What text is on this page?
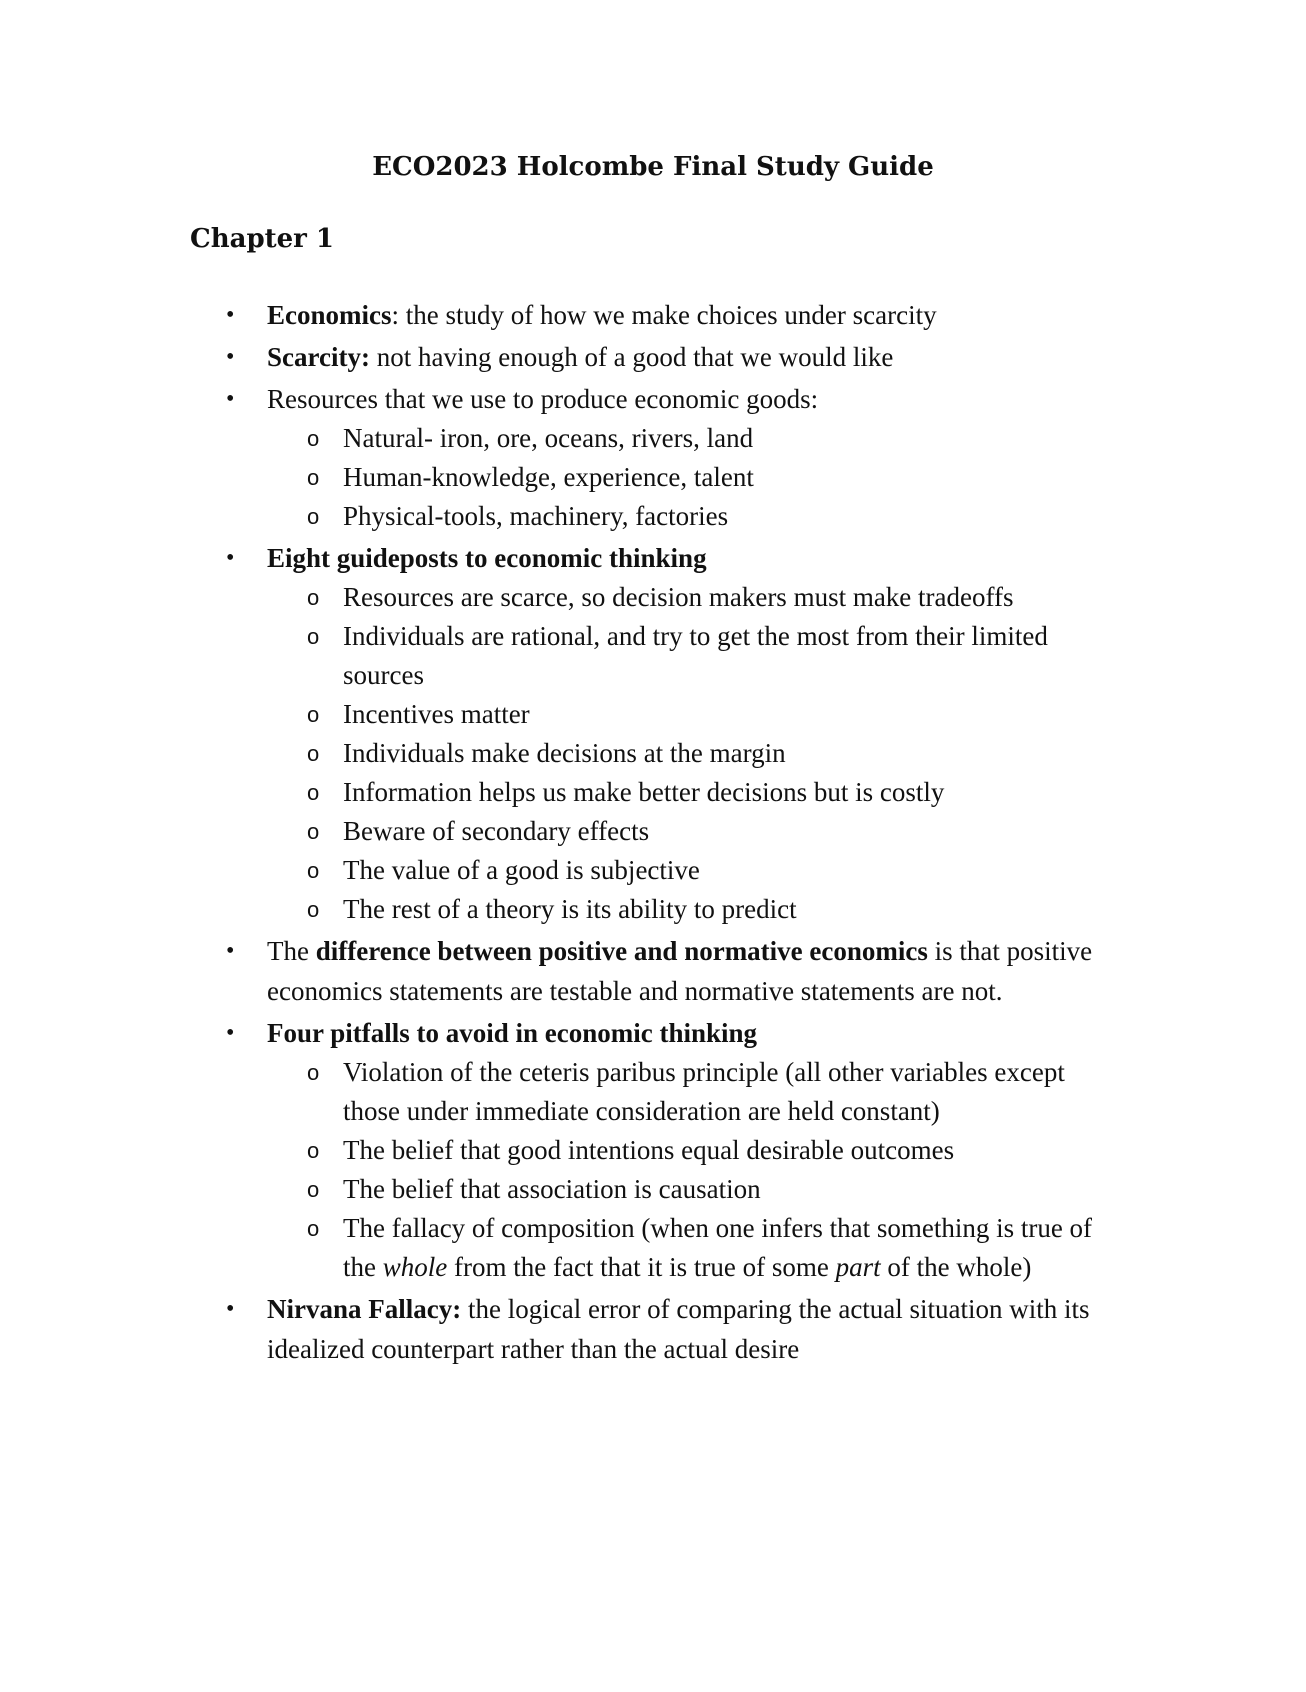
ECO2023 Holcombe Final Study Guide
Chapter 1
• Economics: the study of how we make choices under scarcity
• Scarcity: not having enough of a good that we would like
• Resources that we use to produce economic goods:
o Natural- iron, ore, oceans, rivers, land
o Human-knowledge, experience, talent
o Physical-tools, machinery, factories
• Eight guideposts to economic thinking
o Resources are scarce, so decision makers must make tradeoffs
o Individuals are rational, and try to get the most from their limited sources
o Incentives matter
o Individuals make decisions at the margin
o Information helps us make better decisions but is costly
o Beware of secondary effects
o The value of a good is subjective
o The rest of a theory is its ability to predict
• The difference between positive and normative economics is that positive economics statements are testable and normative statements are not.
• Four pitfalls to avoid in economic thinking
o Violation of the ceteris paribus principle (all other variables except those under immediate consideration are held constant)
o The belief that good intentions equal desirable outcomes
o The belief that association is causation
o The fallacy of composition (when one infers that something is true of the whole from the fact that it is true of some part of the whole)
• Nirvana Fallacy: the logical error of comparing the actual situation with its idealized counterpart rather than the actual desire
